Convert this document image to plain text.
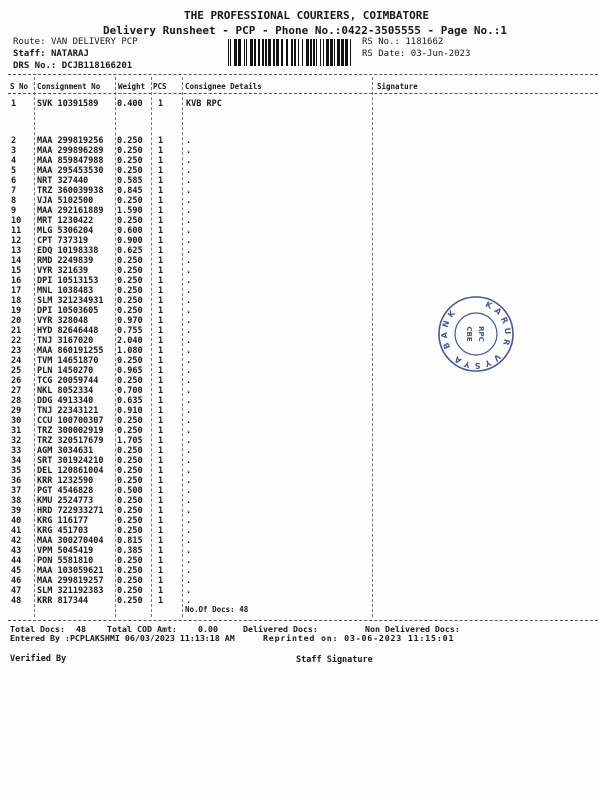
THE PROFESSIONAL COURIERS, COIMBATORE
Delivery Runsheet - PCP - Phone No.:0422-3505555 - Page No.:1
Route: VAN DELIVERY PCP
Staff: NATARAJ
DRS No.: DCJB118166201
RS No.: 1181662
RS Date: 03-Jun-2023
S No Consignment No Weight PCS Consignee Details	Signature
1 SVK 10391589 0.400 1	KVB RPC
2 MAA 299819256 0.250 1	.
3 MAA 299896289 0.250 1	.
4 MAA 859847988 0.250 1	.
5 MAA 295453530 0.250 1	.
6 NRT 327440	0.585 1	.
7 TRZ 360039938 0.845 1	.
8 VJA 5102500	0.250 1	.
9 MAA 292161889 1.590 1	.
10 MRT 1230422	0.250 1	.
11 MLG 5306204	0.600 1	.
12 CPT 737319	0.900 1	.
13 EDQ 10198338 0.625 1	.
14 RMD 2249839	0.250 1	.
15 VYR 321639	0.250 1	.
16 DPI 10513153 0.250 1	.
17 MNL 1038483	0.250 1	.
18 SLM 321234931 0.250 1	.
19 DPI 10503605 0.250 1	.
20 VYR 328048	0.970 1	.
21 HYD 82646448 0.755 1	.
22 TNJ 3167020	2.040 1	.
23 MAA 860191255 1.080 1	.
24 TVM 14651870 0.250 1	.
25 PLN 1450270	0.965 1	.
26 TCG 20059744 0.250 1	.
27 NKL 8052334	0.700 1	.
28 DDG 4913340	0.635 1	.
29 TNJ 22343121 0.910 1	.
30 CCU 100700307 0.250 1	.
31 TRZ 300002919 0.250 1	.
32 TRZ 320517679 1.705 1	.
33 AGM 3034631	0.250 1	.
34 SRT 301924210 0.250 1	.
35 DEL 120861004 0.250 1	.
36 KRR 1232590	0.250 1	.
37 PGT 4546828	0.500 1	.
38 KMU 2524773	0.250 1	.
39 HRD 722933271 0.250 1	.
40 KRG 116177	0.250 1	.
41 KRG 451703	0.250 1	.
42 MAA 300270404 0.815 1	.
43 VPM 5045419	0.385 1	.
44 PON 5581810	0.250 1	.
45 MAA 103059621 0.250 1	.
46 MAA 299819257 0.250 1	.
47 SLM 321192383 0.250 1	.
48 KRR 817344	0.250 1	.
No.Of Docs: 48
KARUR VYSYA BANK
CBE RPC
Total Docs: 48	Total COD Amt:	0.00	Delivered Docs:	Non Delivered Docs:
Entered By :PCPLAKSHMI 06/03/2023 11:13:18 AM	Reprinted on: 03-06-2023 11:15:01
Verified By	Staff Signature
